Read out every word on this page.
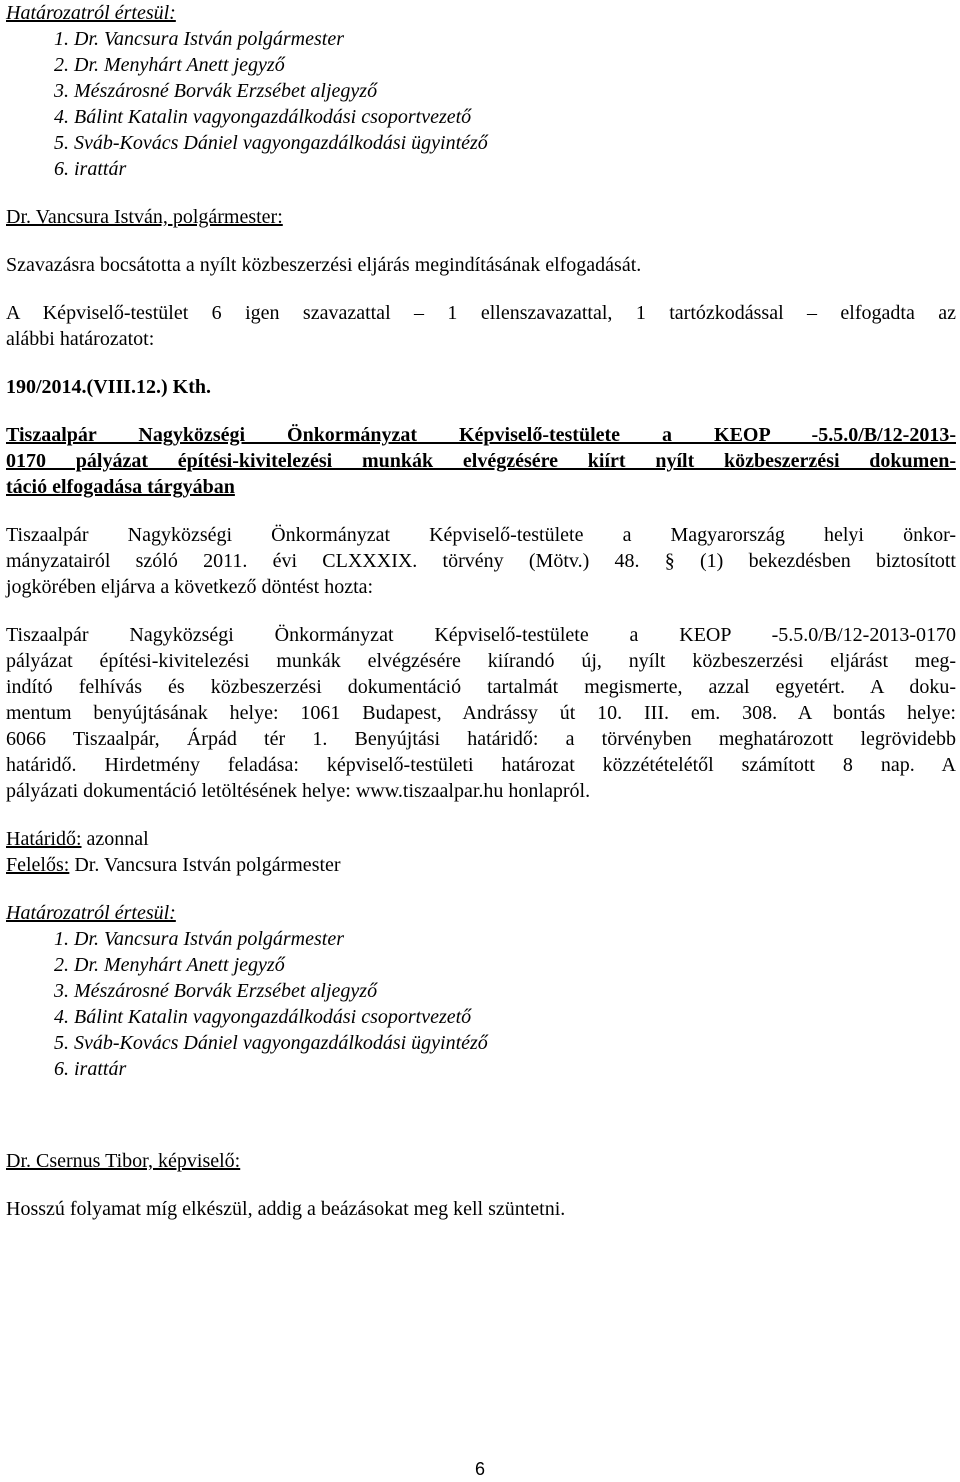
Határozatról értesül:
1. Dr. Vancsura István polgármester
2. Dr. Menyhárt Anett jegyző
3. Mészárosné Borvák Erzsébet aljegyző
4. Bálint Katalin vagyongazdálkodási csoportvezető
5. Sváb-Kovács Dániel vagyongazdálkodási ügyintéző
6. irattár
Dr. Vancsura István, polgármester:
Szavazásra bocsátotta a nyílt közbeszerzési eljárás megindításának elfogadását.
A Képviselő-testület 6 igen szavazattal – 1 ellenszavazattal, 1 tartózkodással – elfogadta az
alábbi határozatot:
190/2014.(VIII.12.) Kth.
Tiszaalpár Nagyközségi Önkormányzat Képviselő-testülete a KEOP -5.5.0/B/12-2013-
0170 pályázat építési-kivitelezési munkák elvégzésére kiírt nyílt közbeszerzési dokumen-
táció elfogadása tárgyában
Tiszaalpár Nagyközségi Önkormányzat Képviselő-testülete a Magyarország helyi önkor-
mányzatairól szóló 2011. évi CLXXXIX. törvény (Mötv.) 48. § (1) bekezdésben biztosított
jogkörében eljárva a következő döntést hozta:
Tiszaalpár Nagyközségi Önkormányzat Képviselő-testülete a KEOP -5.5.0/B/12-2013-0170
pályázat építési-kivitelezési munkák elvégzésére kiírandó új, nyílt közbeszerzési eljárást meg-
indító felhívás és közbeszerzési dokumentáció tartalmát megismerte, azzal egyetért. A doku-
mentum benyújtásának helye: 1061 Budapest, Andrássy út 10. III. em. 308. A bontás helye:
6066 Tiszaalpár, Árpád tér 1. Benyújtási határidő: a törvényben meghatározott legrövidebb
határidő. Hirdetmény feladása: képviselő-testületi határozat közzétételétől számított 8 nap. A
pályázati dokumentáció letöltésének helye: www.tiszaalpar.hu honlapról.
Határidő: azonnal
Felelős: Dr. Vancsura István polgármester
Határozatról értesül:
1. Dr. Vancsura István polgármester
2. Dr. Menyhárt Anett jegyző
3. Mészárosné Borvák Erzsébet aljegyző
4. Bálint Katalin vagyongazdálkodási csoportvezető
5. Sváb-Kovács Dániel vagyongazdálkodási ügyintéző
6. irattár
Dr. Csernus Tibor, képviselő:
Hosszú folyamat míg elkészül, addig a beázásokat meg kell szüntetni.
6
